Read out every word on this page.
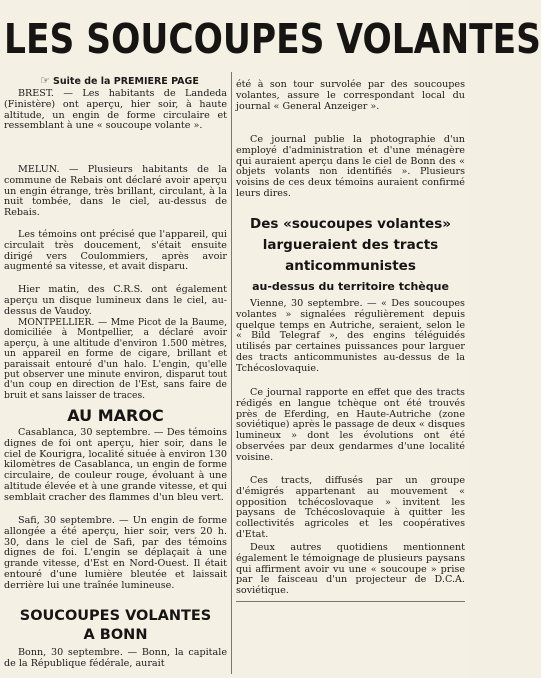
LES SOUCOUPES VOLANTES
☞ Suite de la PREMIERE PAGE

BREST. — Les habitants de Landeda (Finistère) ont aperçu, hier soir, à haute altitude, un engin de forme circulaire et ressemblant à une « soucoupe volante ».

MELUN. — Plusieurs habitants de la commune de Rebais ont déclaré avoir aperçu un engin étrange, très brillant, circulant, à la nuit tombée, dans le ciel, au-dessus de Rebais.

Les témoins ont précisé que l'appareil, qui circulait très doucement, s'était ensuite dirigé vers Coulommiers, après avoir augmenté sa vitesse, et avait disparu.

Hier matin, des C.R.S. ont également aperçu un disque lumineux dans le ciel, au-dessus de Vaudoy.

MONTPELLIER. — Mme Picot de la Baume, domiciliée à Montpellier, a déclaré avoir aperçu, à une altitude d'environ 1.500 mètres, un appareil en forme de cigare, brillant et paraissait entouré d'un halo. L'engin, qu'elle put observer une minute environ, disparut tout d'un coup en direction de l'Est, sans faire de bruit et sans laisser de traces.

AU MAROC

Casablanca, 30 septembre. — Des témoins dignes de foi ont aperçu, hier soir, dans le ciel de Kourigra, localité située à environ 130 kilomètres de Casablanca, un engin de forme circulaire, de couleur rouge, évoluant à une altitude élevée et à une grande vitesse, et qui semblait cracher des flammes d'un bleu vert.

Safi, 30 septembre. — Un engin de forme allongée a été aperçu, hier soir, vers 20 h. 30, dans le ciel de Safi, par des témoins dignes de foi. L'engin se déplaçait à une grande vitesse, d'Est en Nord-Ouest. Il était entouré d'une lumière bleutée et laissait derrière lui une traînée lumineuse.

SOUCOUPES VOLANTES
A BONN

Bonn, 30 septembre. — Bonn, la capitale de la République fédérale, aurait

été à son tour survolée par des soucoupes volantes, assure le correspondant local du journal « General Anzeiger ».

Ce journal publie la photographie d'un employé d'administration et d'une ménagère qui auraient aperçu dans le ciel de Bonn des « objets volants non identifiés ». Plusieurs voisins de ces deux témoins auraient confirmé leurs dires.

Des «soucoupes volantes»
largueraient des tracts
anticommunistes
au-dessus du territoire tchèque

Vienne, 30 septembre. — « Des soucoupes volantes » signalées régulièrement depuis quelque temps en Autriche, seraient, selon le « Bild Telegraf », des engins téléguidés utilisés par certaines puissances pour larguer des tracts anticommunistes au-dessus de la Tchécoslovaquie.

Ce journal rapporte en effet que des tracts rédigés en langue tchèque ont été trouvés près de Eferding, en Haute-Autriche (zone soviétique) après le passage de deux « disques lumineux » dont les évolutions ont été observées par deux gendarmes d'une localité voisine.

Ces tracts, diffusés par un groupe d'émigrés appartenant au mouvement « opposition tchécoslovaque » invitent les paysans de Tchécoslovaquie à quitter les collectivités agricoles et les coopératives d'Etat.

Deux autres quotidiens mentionnent également le témoignage de plusieurs paysans qui affirment avoir vu une « soucoupe » prise par le faisceau d'un projecteur de D.C.A. soviétique.
